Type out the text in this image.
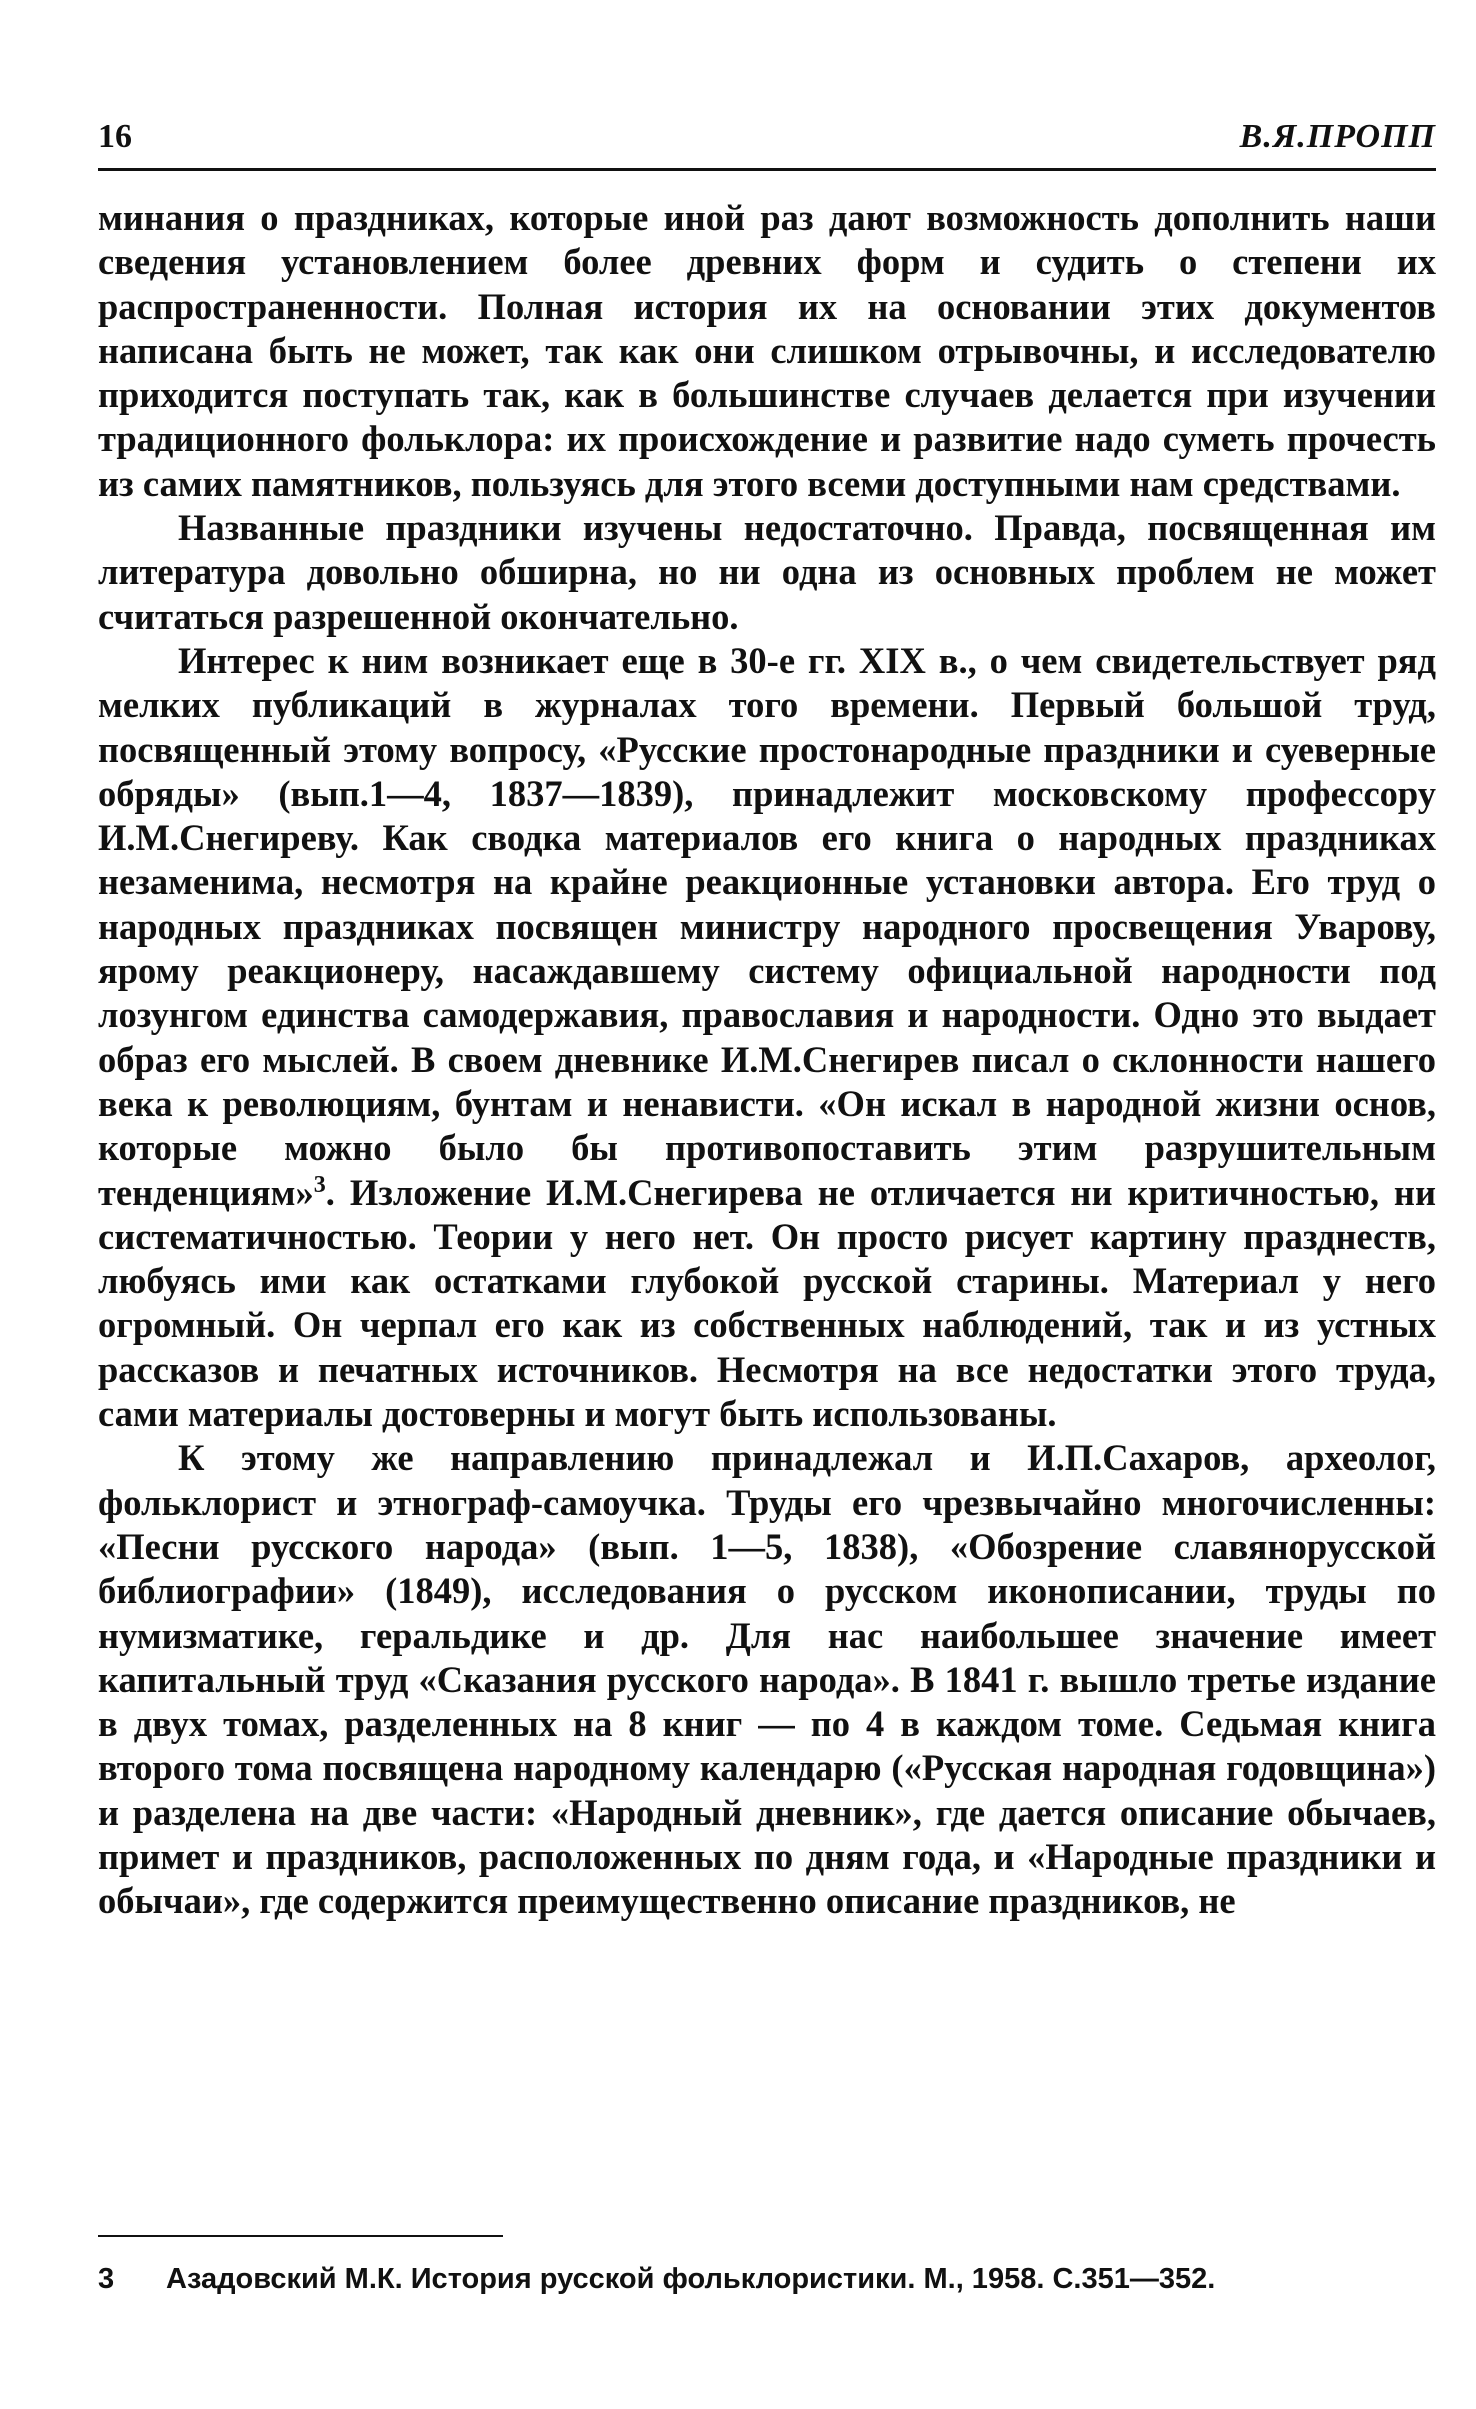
16	В.Я.ПРОПП

минания о праздниках, которые иной раз дают возможность дополнить наши сведения установлением более древних форм и судить о степени их распространенности. Полная история их на основании этих документов написана быть не может, так как они слишком отрывочны, и исследователю приходится поступать так, как в большинстве случаев делается при изучении традиционного фольклора: их происхождение и развитие надо суметь прочесть из самих памятников, пользуясь для этого всеми доступными нам средствами.

Названные праздники изучены недостаточно. Правда, посвященная им литература довольно обширна, но ни одна из основных проблем не может считаться разрешенной окончательно.

Интерес к ним возникает еще в 30-е гг. XIX в., о чем свидетельствует ряд мелких публикаций в журналах того времени. Первый большой труд, посвященный этому вопросу, «Русские простонародные праздники и суеверные обряды» (вып.1—4, 1837—1839), принадлежит московскому профессору И.М.Снегиреву. Как сводка материалов его книга о народных праздниках незаменима, несмотря на крайне реакционные установки автора. Его труд о народных праздниках посвящен министру народного просвещения Уварову, ярому реакционеру, насаждавшему систему официальной народности под лозунгом единства самодержавия, православия и народности. Одно это выдает образ его мыслей. В своем дневнике И.М.Снегирев писал о склонности нашего века к революциям, бунтам и ненависти. «Он искал в народной жизни основ, которые можно было бы противопоставить этим разрушительным тенденциям»$^3$. Изложение И.М.Снегирева не отличается ни критичностью, ни систематичностью. Теории у него нет. Он просто рисует картину празднеств, любуясь ими как остатками глубокой русской старины. Материал у него огромный. Он черпал его как из собственных наблюдений, так и из устных рассказов и печатных источников. Несмотря на все недостатки этого труда, сами материалы достоверны и могут быть использованы.

К этому же направлению принадлежал и И.П.Сахаров, археолог, фольклорист и этнограф-самоучка. Труды его чрезвычайно многочисленны: «Песни русского народа» (вып. 1—5, 1838), «Обозрение славянорусской библиографии» (1849), исследования о русском иконописании, труды по нумизматике, геральдике и др. Для нас наибольшее значение имеет капитальный труд «Сказания русского народа». В 1841 г. вышло третье издание в двух томах, разделенных на 8 книг — по 4 в каждом томе. Седьмая книга второго тома посвящена народному календарю («Русская народная годовщина») и разделена на две части: «Народный дневник», где дается описание обычаев, примет и праздников, расположенных по дням года, и «Народные праздники и обычаи», где содержится преимущественно описание праздников, не

3 Азадовский М.К. История русской фольклористики. М., 1958. С.351—352.
